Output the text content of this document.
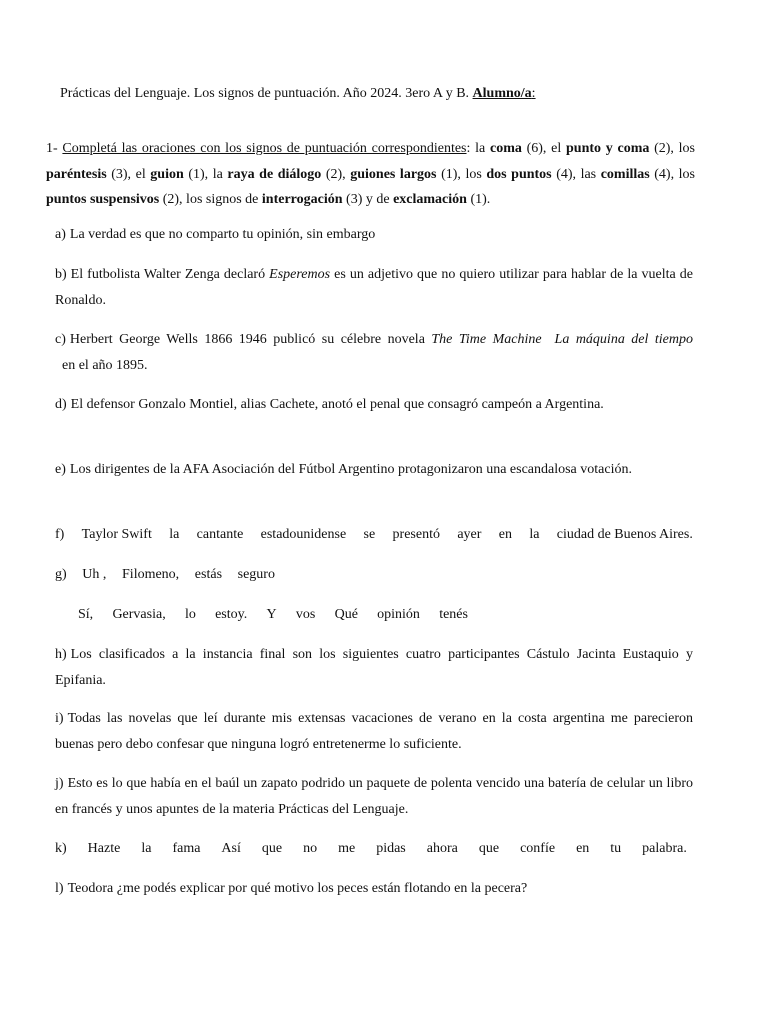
Prácticas del Lenguaje. Los signos de puntuación. Año 2024. 3ero A y B. Alumno/a:
1- Completá las oraciones con los signos de puntuación correspondientes: la coma (6), el punto y coma (2), los paréntesis (3), el guion (1), la raya de diálogo (2), guiones largos (1), los dos puntos (4), las comillas (4), los puntos suspensivos (2), los signos de interrogación (3) y de exclamación (1).
a) La verdad es que no comparto tu opinión, sin embargo
b) El futbolista Walter Zenga declaró Esperemos es un adjetivo que no quiero utilizar para hablar de la vuelta de Ronaldo.
c) Herbert George Wells 1866 1946 publicó su célebre novela The Time Machine La máquina del tiempo  en el año 1895.
d) El defensor Gonzalo Montiel, alias Cachete, anotó el penal que consagró campeón a Argentina.
e) Los dirigentes de la AFA Asociación del Fútbol Argentino protagonizaron una escandalosa votación.
f) Taylor Swift la cantante estadounidense se presentó ayer en la ciudad de Buenos Aires.
g) Uh , Filomeno, estás seguro
Sí, Gervasia, lo estoy. Y vos Qué opinión tenés
h) Los clasificados a la instancia final son los siguientes cuatro participantes Cástulo Jacinta Eustaquio y Epifania.
i) Todas las novelas que leí durante mis extensas vacaciones de verano en la costa argentina me parecieron buenas pero debo confesar que ninguna logró entretenerme lo suficiente.
j) Esto es lo que había en el baúl un zapato podrido un paquete de polenta vencido una batería de celular un libro en francés y unos apuntes de la materia Prácticas del Lenguaje.
k) Hazte la fama Así que no me pidas ahora que confíe en tu palabra.
l) Teodora ¿me podés explicar por qué motivo los peces están flotando en la pecera?
